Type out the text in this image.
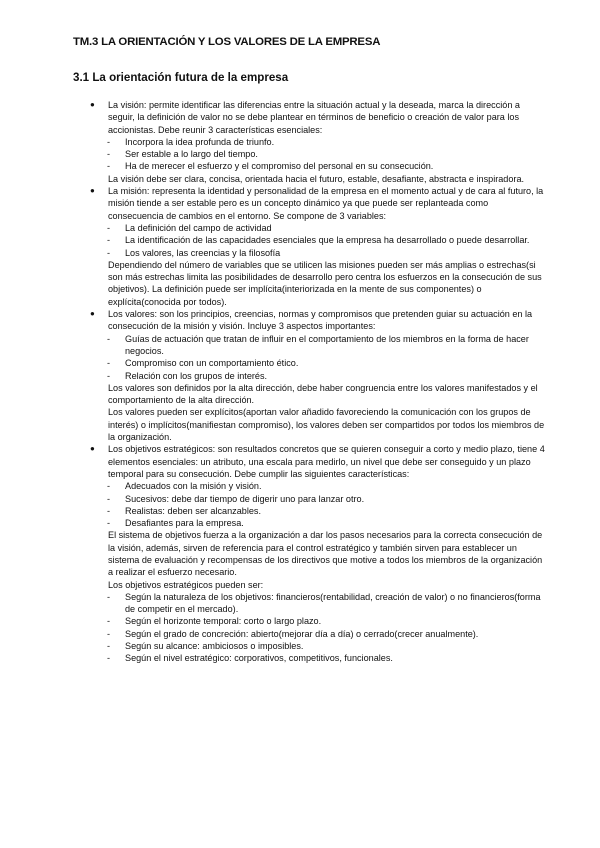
TM.3 LA ORIENTACIÓN Y LOS VALORES DE LA EMPRESA
3.1 La orientación futura de la empresa
● La visión: permite identificar las diferencias entre la situación actual y la deseada, marca la dirección a seguir, la definición de valor no se debe plantear en términos de beneficio o creación de valor para los accionistas. Debe reunir 3 características esenciales:

- Incorpora la idea profunda de triunfo.
- Ser estable a lo largo del tiempo.
- Ha de merecer el esfuerzo y el compromiso del personal en su consecución.

La visión debe ser clara, concisa, orientada hacia el futuro, estable, desafiante, abstracta e inspiradora.

● La misión: representa la identidad y personalidad de la empresa en el momento actual y de cara al futuro, la misión tiende a ser estable pero es un concepto dinámico ya que puede ser replanteada como consecuencia de cambios en el entorno. Se compone de 3 variables:

- La definición del campo de actividad
- La identificación de las capacidades esenciales que la empresa ha desarrollado o puede desarrollar.
- Los valores, las creencias y la filosofía

Dependiendo del número de variables que se utilicen las misiones pueden ser más amplias o estrechas(si son más estrechas limita las posibilidades de desarrollo pero centra los esfuerzos en la consecución de sus objetivos). La definición puede ser implícita(interiorizada en la mente de sus componentes) o explícita(conocida por todos).

● Los valores: son los principios, creencias, normas y compromisos que pretenden guiar su actuación en la consecución de la misión y visión. Incluye 3 aspectos importantes:

- Guías de actuación que tratan de influir en el comportamiento de los miembros en la forma de hacer negocios.
- Compromiso con un comportamiento ético.
- Relación con los grupos de interés.

Los valores son definidos por la alta dirección, debe haber congruencia entre los valores manifestados y el comportamiento de la alta dirección.

Los valores pueden ser explícitos(aportan valor añadido favoreciendo la comunicación con los grupos de interés) o implícitos(manifiestan compromiso), los valores deben ser compartidos por todos los miembros de la organización.

● Los objetivos estratégicos: son resultados concretos que se quieren conseguir a corto y medio plazo, tiene 4 elementos esenciales: un atributo, una escala para medirlo, un nivel que debe ser conseguido y un plazo temporal para su consecución. Debe cumplir las siguientes características:

- Adecuados con la misión y visión.
- Sucesivos: debe dar tiempo de digerir uno para lanzar otro.
- Realistas: deben ser alcanzables.
- Desafiantes para la empresa.

El sistema de objetivos fuerza a la organización a dar los pasos necesarios para la correcta consecución de la visión, además, sirven de referencia para el control estratégico y también sirven para establecer un sistema de evaluación y recompensas de los directivos que motive a todos los miembros de la organización a realizar el esfuerzo necesario.

Los objetivos estratégicos pueden ser:

- Según la naturaleza de los objetivos: financieros(rentabilidad, creación de valor) o no financieros(forma de competir en el mercado).
- Según el horizonte temporal: corto o largo plazo.
- Según el grado de concreción: abierto(mejorar día a día) o cerrado(crecer anualmente).
- Según su alcance: ambiciosos o imposibles.
- Según el nivel estratégico: corporativos, competitivos, funcionales.
